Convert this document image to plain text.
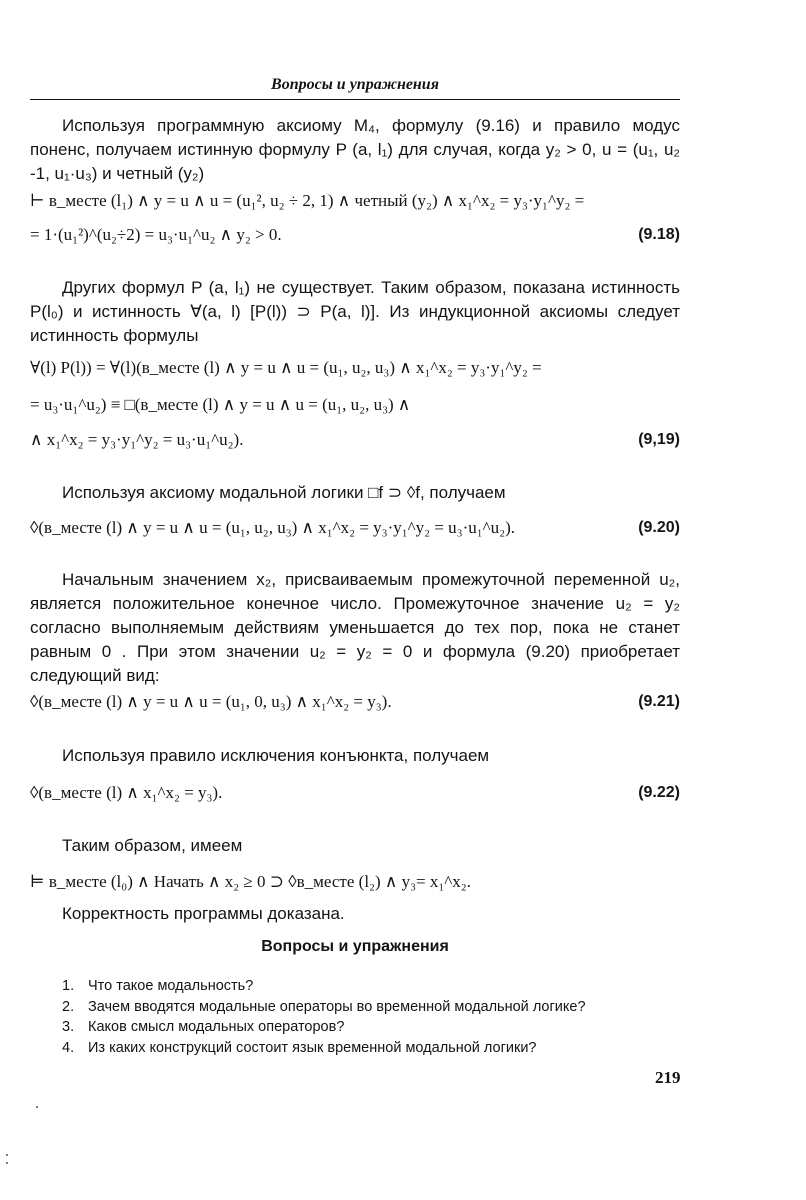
Вопросы и упражнения
Используя программную аксиому M₄, формулу (9.16) и правило модус поненс, получаем истинную формулу P (a, l₁) для случая, когда y₂ > 0, u = (u₁, u₂ -1, u₁·u₃) и четный (y₂)
⊢ в_месте (l₁) ∧ y = u ∧ u = (u₁², u₂ ÷ 2, 1) ∧ четный (y₂) ∧ x₁^x₂ = y₃·y₁^y₂ =
= 1·(u₁²)^(u₂÷2) = u₃·u₁^u₂ ∧ y₂ > 0.	(9.18)
Других формул P (a, l₁) не существует. Таким образом, показана истинность P(l₀) и истинность ∀(a, l) [P(l)) ⊃ P(a, l)]. Из индукционной аксиомы следует истинность формулы
∀(l) P(l)) = ∀(l)(в_месте (l) ∧ y = u ∧ u = (u₁, u₂, u₃) ∧ x₁^x₂ = y₃·y₁^y₂ =
= u₃·u₁^u₂) ≡ □(в_месте (l) ∧ y = u ∧ u = (u₁, u₂, u₃) ∧
∧ x₁^x₂ = y₃·y₁^y₂ = u₃·u₁^u₂).	(9,19)
Используя аксиому модальной логики □f ⊃ ◊f, получаем
◊(в_месте (l) ∧ y = u ∧ u = (u₁, u₂, u₃) ∧ x₁^x₂ = y₃·y₁^y₂ = u₃·u₁^u₂).	(9.20)
Начальным значением x₂, присваиваемым промежуточной переменной u₂, является положительное конечное число. Промежуточное значение u₂ = y₂ согласно выполняемым действиям уменьшается до тех пор, пока не станет равным 0 . При этом значении u₂ = y₂ = 0 и формула (9.20) приобретает следующий вид:
◊(в_месте (l) ∧ y = u ∧ u = (u₁, 0, u₃) ∧ x₁^x₂ = y₃).	(9.21)
Используя правило исключения конъюнкта, получаем
◊(в_месте (l) ∧ x₁^x₂ = y₃).	(9.22)
Таким образом, имеем
⊨ в_месте (l₀) ∧ Начать ∧ x₂ ≥ 0 ⊃ ◊в_месте (l₂) ∧ y₃= x₁^x₂.
Корректность программы доказана.
Вопросы и упражнения
1. Что такое модальность?
2. Зачем вводятся модальные операторы во временной модальной логике?
3. Каков смысл модальных операторов?
4. Из каких конструкций состоит язык временной модальной логики?
219
